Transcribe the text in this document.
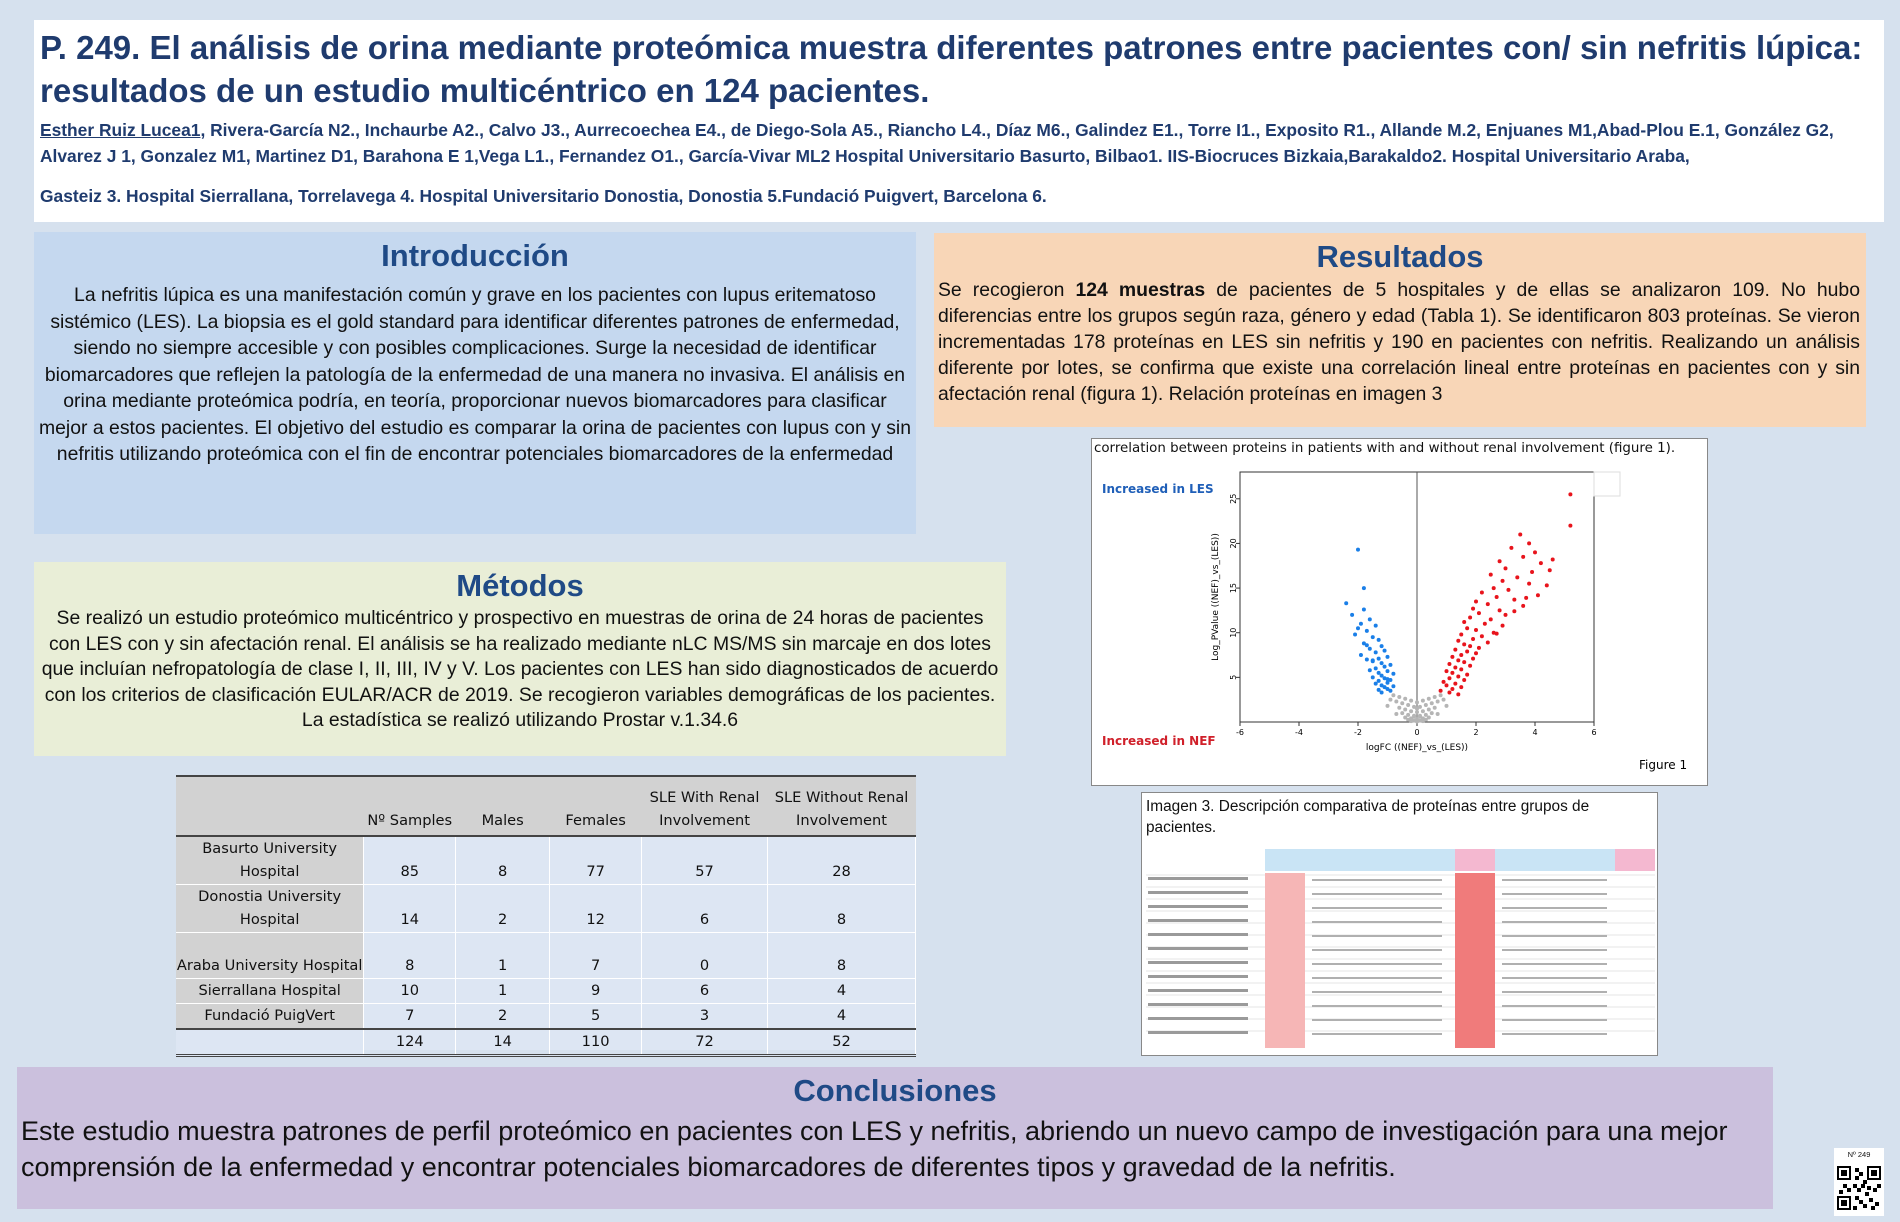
P. 249. El análisis de orina mediante proteómica muestra diferentes patrones entre pacientes con/ sin nefritis lúpica: resultados de un estudio multicéntrico en 124 pacientes.
Esther Ruiz Lucea1, Rivera-García N2., Inchaurbe A2., Calvo J3., Aurrecoechea E4., de Diego-Sola A5., Riancho L4., Díaz M6., Galindez E1., Torre I1., Exposito R1., Allande M.2, Enjuanes M1,Abad-Plou E.1, González G2, Alvarez J 1, Gonzalez M1, Martinez D1, Barahona E 1,Vega L1., Fernandez O1., García-Vivar ML2 Hospital Universitario Basurto, Bilbao1. IIS-Biocruces Bizkaia,Barakaldo2. Hospital Universitario Araba,
Gasteiz 3. Hospital Sierrallana, Torrelavega 4. Hospital Universitario Donostia, Donostia 5.Fundació Puigvert, Barcelona 6.
Introducción

La nefritis lúpica es una manifestación común y grave en los pacientes con lupus eritematoso sistémico (LES). La biopsia es el gold standard para identificar diferentes patrones de enfermedad, siendo no siempre accesible y con posibles complicaciones. Surge la necesidad de identificar biomarcadores que reflejen la patología de la enfermedad de una manera no invasiva. El análisis en orina mediante proteómica podría, en teoría, proporcionar nuevos biomarcadores para clasificar mejor a estos pacientes. El objetivo del estudio es comparar la orina de pacientes con lupus con y sin nefritis utilizando proteómica con el fin de encontrar potenciales biomarcadores de la enfermedad

Métodos

Se realizó un estudio proteómico multicéntrico y prospectivo en muestras de orina de 24 horas de pacientes con LES con y sin afectación renal. El análisis se ha realizado mediante nLC MS/MS sin marcaje en dos lotes que incluían nefropatología de clase I, II, III, IV y V. Los pacientes con LES han sido diagnosticados de acuerdo con los criterios de clasificación EULAR/ACR de 2019. Se recogieron variables demográficas de los pacientes. La estadística se realizó utilizando Prostar v.1.34.6

Resultados

Se recogieron 124 muestras de pacientes de 5 hospitales y de ellas se analizaron 109. No hubo diferencias entre los grupos según raza, género y edad (Tabla 1). Se identificaron 803 proteínas. Se vieron incrementadas 178 proteínas en LES sin nefritis y 190 en pacientes con nefritis. Realizando un análisis diferente por lotes, se confirma que existe una correlación lineal entre proteínas en pacientes con y sin afectación renal (figura 1). Relación proteínas en imagen 3

	Nº Samples	Males	Females	SLE With Renal Involvement	SLE Without Renal Involvement

Basurto University
Hospital	85	8	77	57	28

Donostia University
Hospital	14	2	12	6	8

Araba University Hospital	8	1	7	0	8
Sierrallana Hospital	10	1	9	6	4
Fundació PuigVert	7	2	5	3	4
	124	14	110	72	52
correlation between proteins in patients with and without renal involvement (figure 1).
-6	-4	-2	0	2	4	6
5
10
15
20
25
logFC ((NEF)_vs_(LES))
Log_PValue ((NEF)_vs_(LES))
Increased in LES
Increased in NEF
Figure 1
Imagen 3. Descripción comparativa de proteínas entre grupos de pacientes.
Conclusiones

Este estudio muestra patrones de perfil proteómico en pacientes con LES y nefritis, abriendo un nuevo campo de investigación para una mejor comprensión de la enfermedad y encontrar potenciales biomarcadores de diferentes tipos y gravedad de la nefritis.	Nº 249
